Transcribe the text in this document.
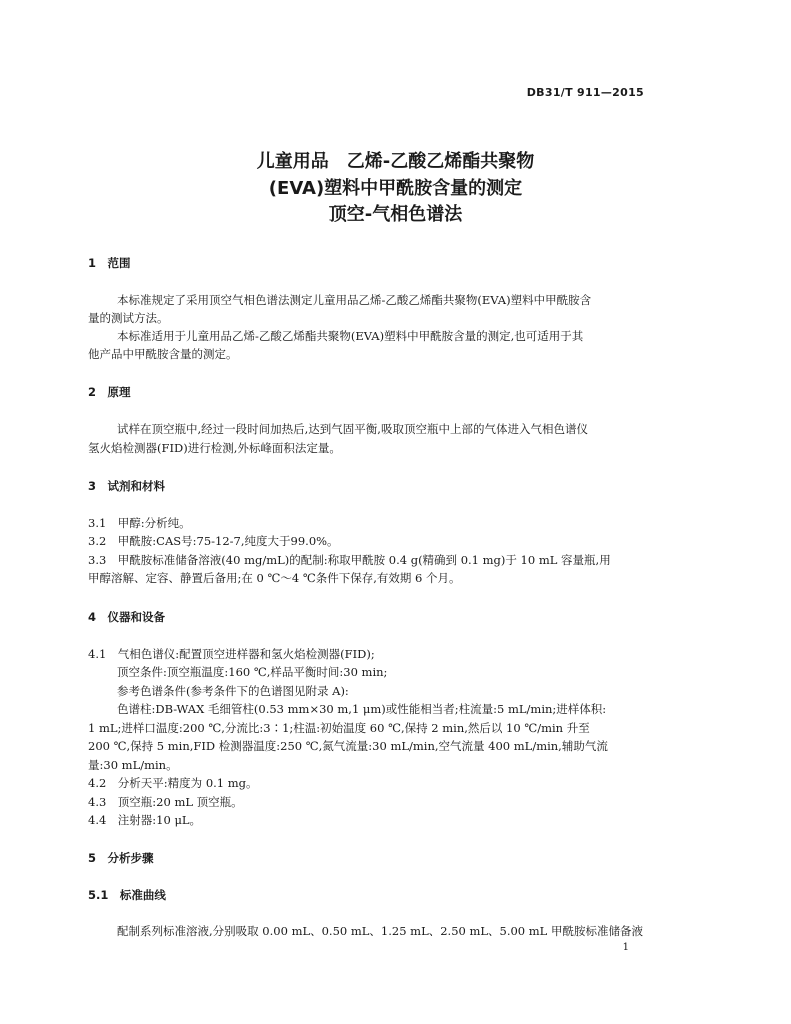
DB31/T 911—2015
儿童用品　乙烯-乙酸乙烯酯共聚物
(EVA)塑料中甲酰胺含量的测定
顶空-气相色谱法
1　范围
本标准规定了采用顶空气相色谱法测定儿童用品乙烯-乙酸乙烯酯共聚物(EVA)塑料中甲酰胺含
量的测试方法。
本标准适用于儿童用品乙烯-乙酸乙烯酯共聚物(EVA)塑料中甲酰胺含量的测定,也可适用于其
他产品中甲酰胺含量的测定。
2　原理
试样在顶空瓶中,经过一段时间加热后,达到气固平衡,吸取顶空瓶中上部的气体进入气相色谱仪
氢火焰检测器(FID)进行检测,外标峰面积法定量。
3　试剂和材料
3.1　甲醇:分析纯。
3.2　甲酰胺:CAS号:75-12-7,纯度大于99.0%。
3.3　甲酰胺标准储备溶液(40 mg/mL)的配制:称取甲酰胺 0.4 g(精确到 0.1 mg)于 10 mL 容量瓶,用
甲醇溶解、定容、静置后备用;在 0 ℃～4 ℃条件下保存,有效期 6 个月。
4　仪器和设备
4.1　气相色谱仪:配置顶空进样器和氢火焰检测器(FID);
顶空条件:顶空瓶温度:160 ℃,样品平衡时间:30 min;
参考色谱条件(参考条件下的色谱图见附录 A):
色谱柱:DB-WAX 毛细管柱(0.53 mm×30 m,1 μm)或性能相当者;柱流量:5 mL/min;进样体积:
1 mL;进样口温度:200 ℃,分流比:3∶1;柱温:初始温度 60 ℃,保持 2 min,然后以 10 ℃/min 升至
200 ℃,保持 5 min,FID 检测器温度:250 ℃,氮气流量:30 mL/min,空气流量 400 mL/min,辅助气流
量:30 mL/min。
4.2　分析天平:精度为 0.1 mg。
4.3　顶空瓶:20 mL 顶空瓶。
4.4　注射器:10 μL。
5　分析步骤
5.1　标准曲线
配制系列标准溶液,分别吸取 0.00 mL、0.50 mL、1.25 mL、2.50 mL、5.00 mL 甲酰胺标准储备液
1
